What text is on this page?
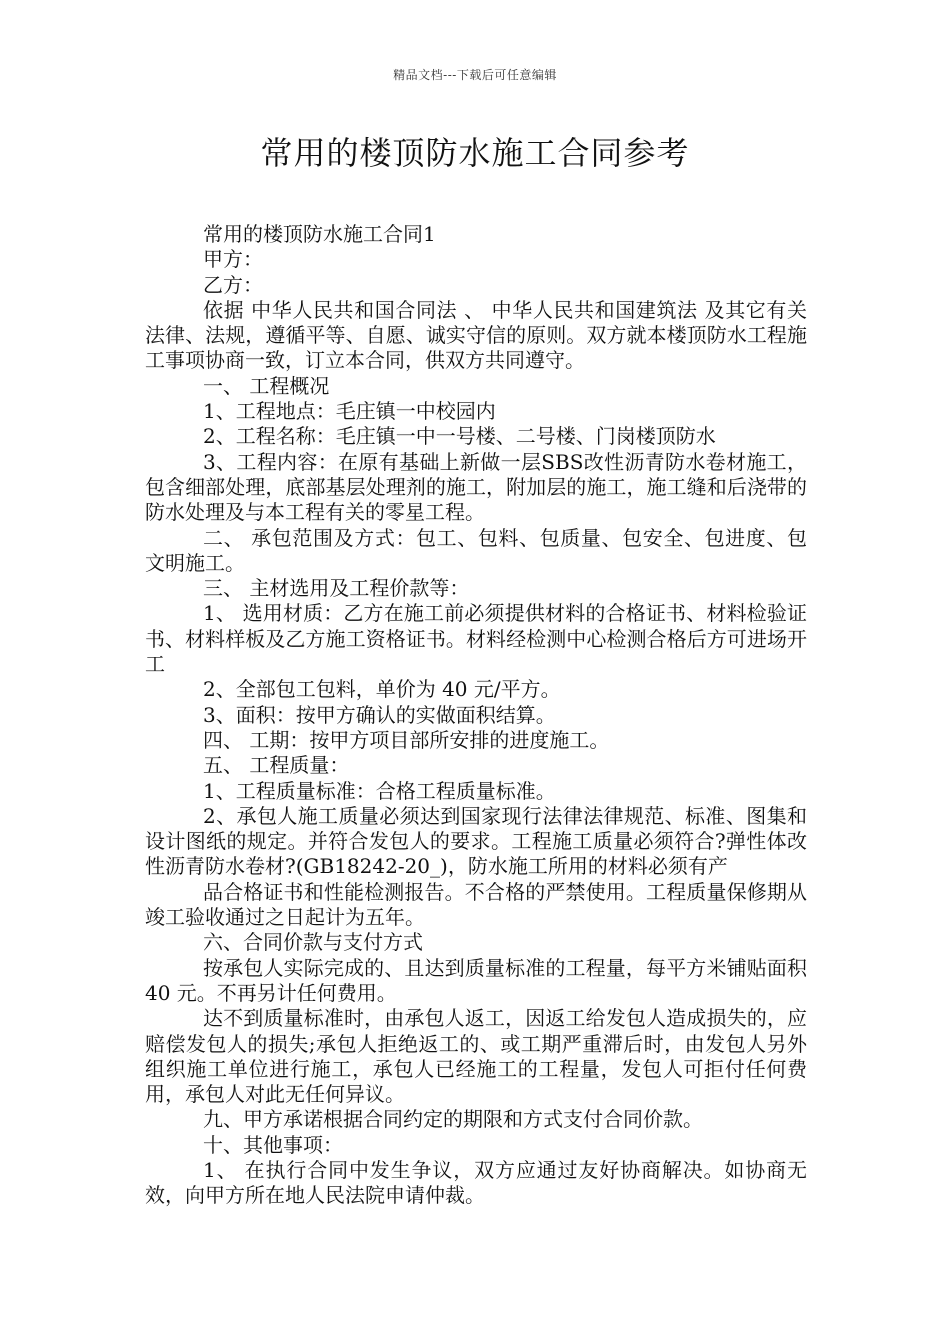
精品文档---下载后可任意编辑
常用的楼顶防水施工合同参考

常用的楼顶防水施工合同1

甲方：

乙方：

依据 中华人民共和国合同法 、 中华人民共和国建筑法 及其它有关法律、法规，遵循平等、自愿、诚实守信的原则。双方就本楼顶防水工程施工事项协商一致，订立本合同，供双方共同遵守。

一、 工程概况

1、工程地点：毛庄镇一中校园内

2、工程名称：毛庄镇一中一号楼、二号楼、门岗楼顶防水

3、工程内容：在原有基础上新做一层SBS改性沥青防水卷材施工，包含细部处理，底部基层处理剂的施工，附加层的施工，施工缝和后浇带的防水处理及与本工程有关的零星工程。

二、 承包范围及方式：包工、包料、包质量、包安全、包进度、包文明施工。

三、 主材选用及工程价款等：

1、 选用材质：乙方在施工前必须提供材料的合格证书、材料检验证书、材料样板及乙方施工资格证书。材料经检测中心检测合格后方可进场开工

2、全部包工包料，单价为 40 元/平方。

3、面积：按甲方确认的实做面积结算。

四、 工期：按甲方项目部所安排的进度施工。

五、 工程质量：

1、工程质量标准：合格工程质量标准。

2、承包人施工质量必须达到国家现行法律法律规范、标准、图集和设计图纸的规定。并符合发包人的要求。工程施工质量必须符合?弹性体改性沥青防水卷材?(GB18242-20_)，防水施工所用的材料必须有产

品合格证书和性能检测报告。不合格的严禁使用。工程质量保修期从竣工验收通过之日起计为五年。

六、合同价款与支付方式

按承包人实际完成的、且达到质量标准的工程量，每平方米铺贴面积 40 元。不再另计任何费用。

达不到质量标准时，由承包人返工，因返工给发包人造成损失的，应赔偿发包人的损失;承包人拒绝返工的、或工期严重滞后时，由发包人另外组织施工单位进行施工，承包人已经施工的工程量，发包人可拒付任何费用，承包人对此无任何异议。

九、甲方承诺根据合同约定的期限和方式支付合同价款。

十、其他事项：

1、 在执行合同中发生争议，双方应通过友好协商解决。如协商无效，向甲方所在地人民法院申请仲裁。
